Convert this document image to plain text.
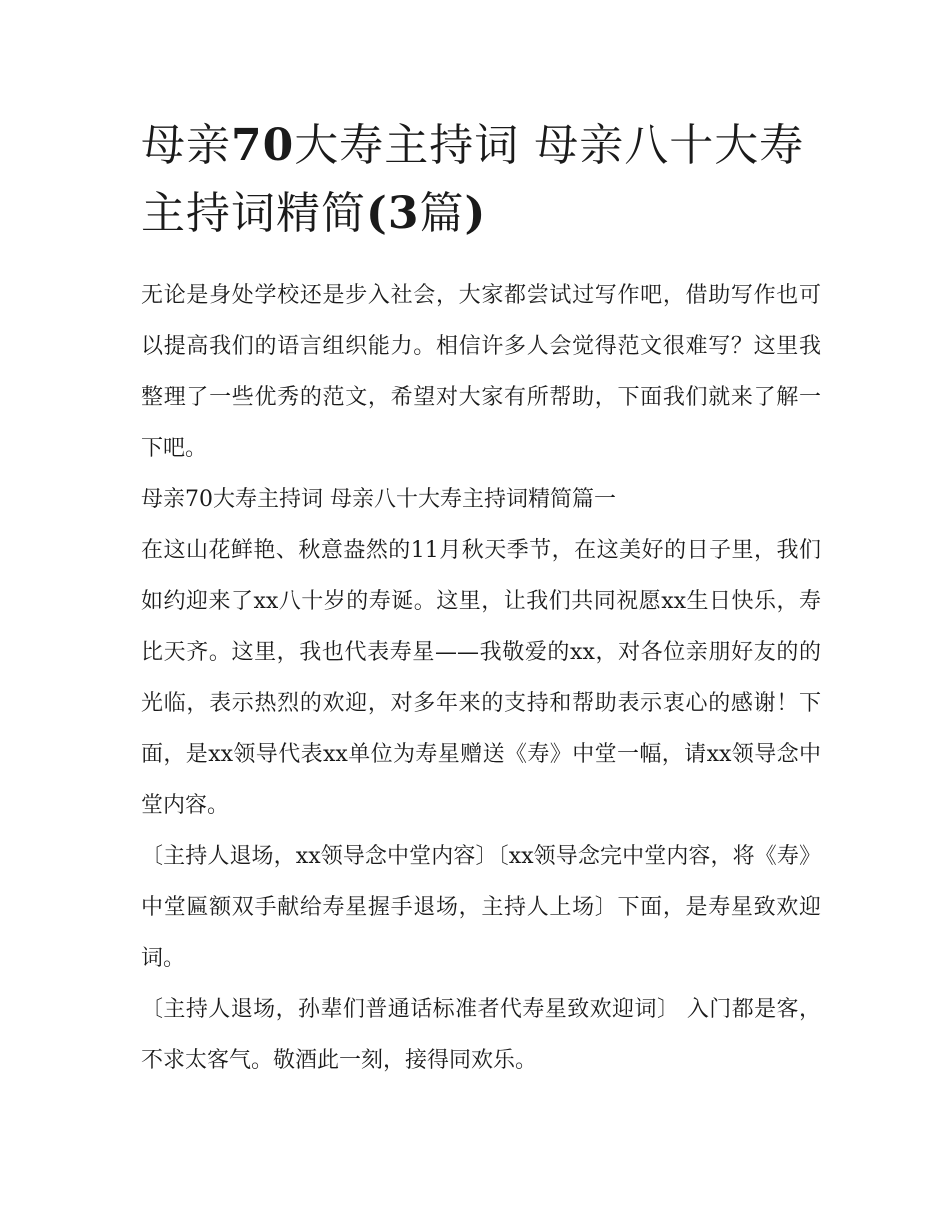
母亲70大寿主持词 母亲八十大寿主持词精简(3篇)

无论是身处学校还是步入社会，大家都尝试过写作吧，借助写作也可以提高我们的语言组织能力。相信许多人会觉得范文很难写？这里我整理了一些优秀的范文，希望对大家有所帮助，下面我们就来了解一下吧。

母亲70大寿主持词 母亲八十大寿主持词精简篇一

在这山花鲜艳、秋意盎然的11月秋天季节，在这美好的日子里，我们如约迎来了xx八十岁的寿诞。这里，让我们共同祝愿xx生日快乐，寿比天齐。这里，我也代表寿星——我敬爱的xx，对各位亲朋好友的的光临，表示热烈的欢迎，对多年来的支持和帮助表示衷心的感谢！下面，是xx领导代表xx单位为寿星赠送《寿》中堂一幅，请xx领导念中堂内容。

〔主持人退场，xx领导念中堂内容〕〔xx领导念完中堂内容，将《寿》中堂匾额双手献给寿星握手退场，主持人上场〕下面，是寿星致欢迎词。

〔主持人退场，孙辈们普通话标准者代寿星致欢迎词〕 入门都是客，不求太客气。敬酒此一刻，接得同欢乐。
